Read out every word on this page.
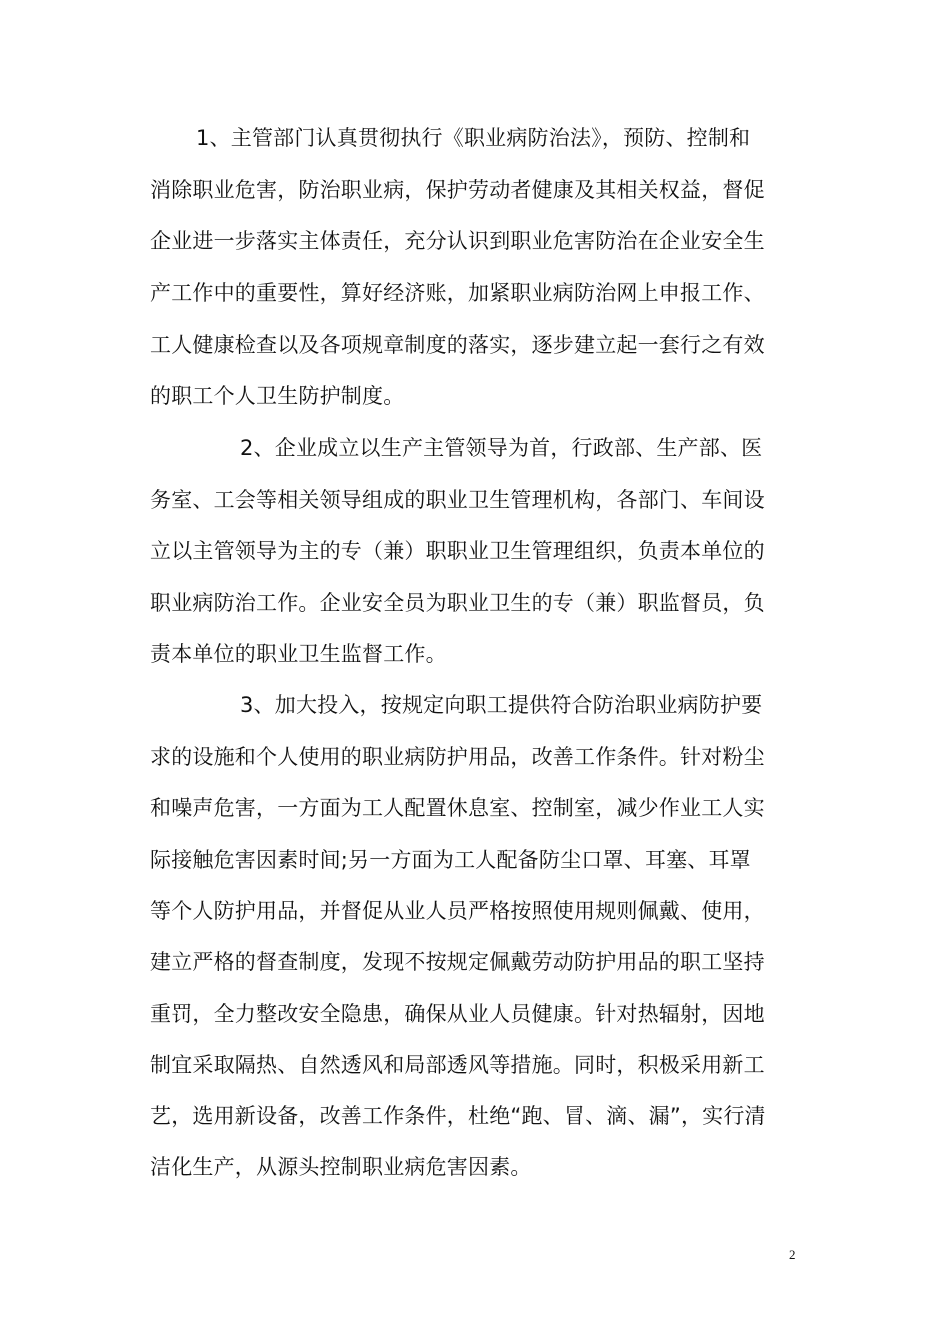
1、主管部门认真贯彻执行《职业病防治法》，预防、控制和
消除职业危害，防治职业病，保护劳动者健康及其相关权益，督促
企业进一步落实主体责任，充分认识到职业危害防治在企业安全生
产工作中的重要性，算好经济账，加紧职业病防治网上申报工作、
工人健康检查以及各项规章制度的落实，逐步建立起一套行之有效
的职工个人卫生防护制度。
2、企业成立以生产主管领导为首，行政部、生产部、医
务室、工会等相关领导组成的职业卫生管理机构，各部门、车间设
立以主管领导为主的专（兼）职职业卫生管理组织，负责本单位的
职业病防治工作。企业安全员为职业卫生的专（兼）职监督员，负
责本单位的职业卫生监督工作。
3、加大投入，按规定向职工提供符合防治职业病防护要
求的设施和个人使用的职业病防护用品，改善工作条件。针对粉尘
和噪声危害，一方面为工人配置休息室、控制室，减少作业工人实
际接触危害因素时间;另一方面为工人配备防尘口罩、耳塞、耳罩
等个人防护用品，并督促从业人员严格按照使用规则佩戴、使用，
建立严格的督查制度，发现不按规定佩戴劳动防护用品的职工坚持
重罚，全力整改安全隐患，确保从业人员健康。针对热辐射，因地
制宜采取隔热、自然透风和局部透风等措施。同时，积极采用新工
艺，选用新设备，改善工作条件，杜绝“跑、冒、滴、漏”，实行清
洁化生产，从源头控制职业病危害因素。
2
